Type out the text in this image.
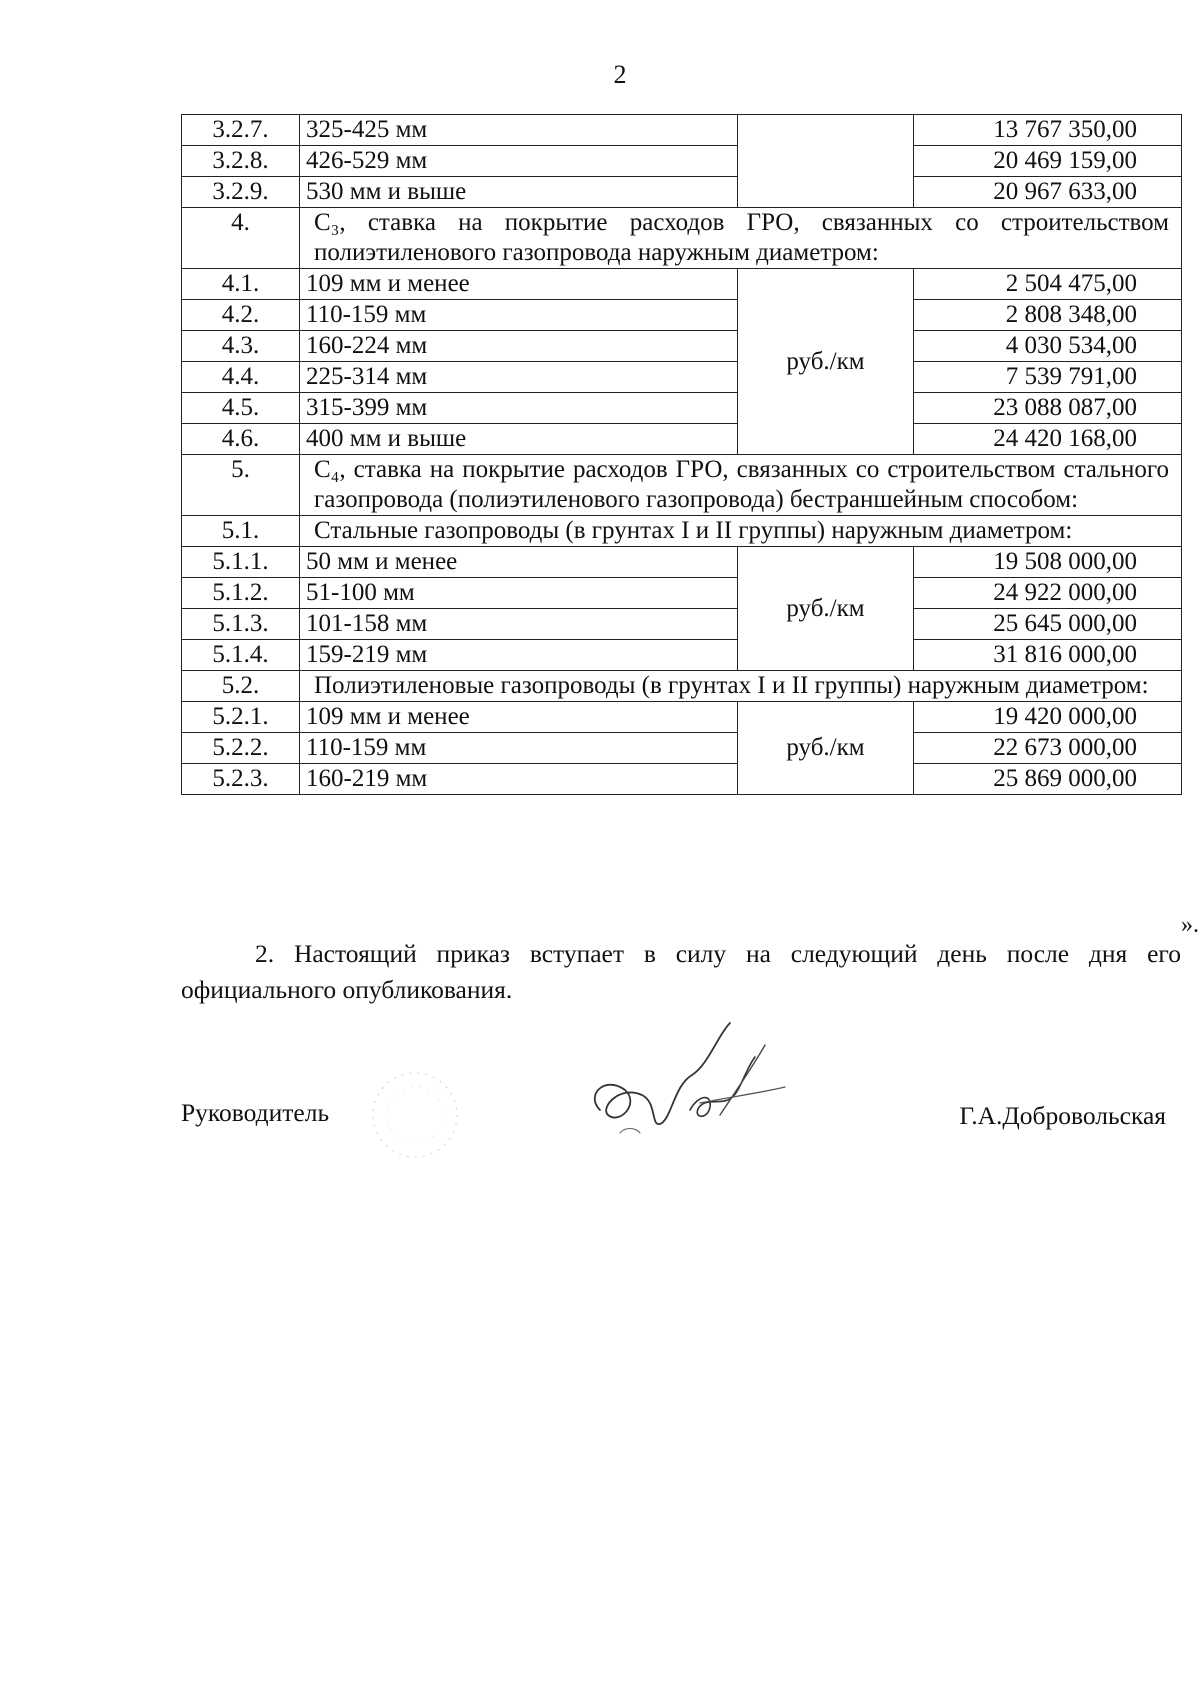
2
3.2.7.	325-425 мм		13 767 350,00
3.2.8.	426-529 мм		20 469 159,00
3.2.9.	530 мм и выше		20 967 633,00
4.	C₃, ставка на покрытие расходов ГРО, связанных со строительством полиэтиленового газопровода наружным диаметром:		
4.1.	109 мм и менее	руб./км	2 504 475,00
4.2.	110-159 мм		2 808 348,00
4.3.	160-224 мм		4 030 534,00
4.4.	225-314 мм		7 539 791,00
4.5.	315-399 мм		23 088 087,00
4.6.	400 мм и выше		24 420 168,00
5.	C₄, ставка на покрытие расходов ГРО, связанных со строительством стального газопровода (полиэтиленового газопровода) бестраншейным способом:		
5.1.	Стальные газопроводы (в грунтах I и II группы) наружным диаметром:		
5.1.1.	50 мм и менее	руб./км	19 508 000,00
5.1.2.	51-100 мм		24 922 000,00
5.1.3.	101-158 мм		25 645 000,00
5.1.4.	159-219 мм		31 816 000,00
5.2.	Полиэтиленовые газопроводы (в грунтах I и II группы) наружным диаметром:		
5.2.1.	109 мм и менее	руб./км	19 420 000,00
5.2.2.	110-159 мм		22 673 000,00
5.2.3.	160-219 мм		25 869 000,00
».
2. Настоящий приказ вступает в силу на следующий день после дня его официального опубликования.
Руководитель	Г.А.Добровольская
